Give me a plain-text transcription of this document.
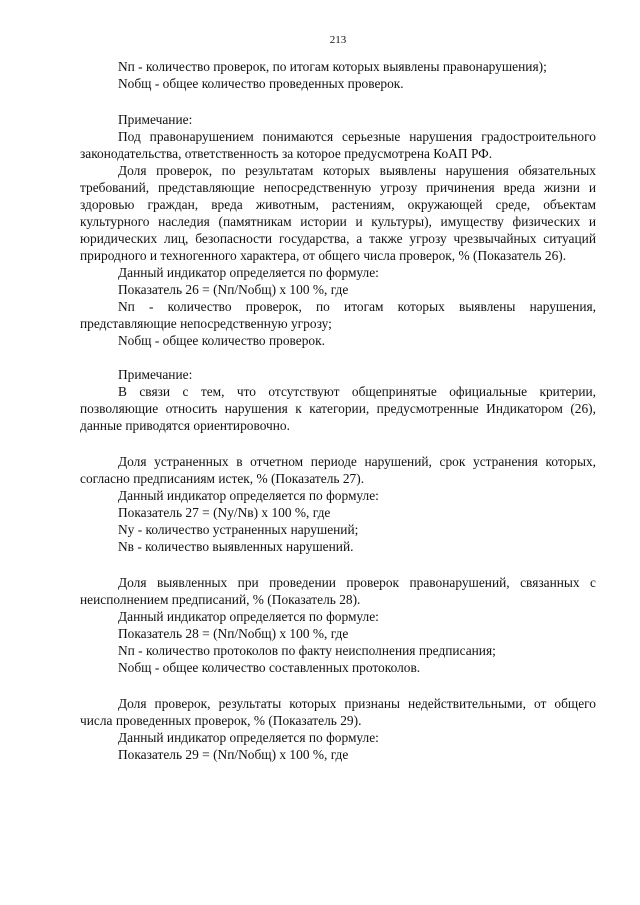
213

Nп - количество проверок, по итогам которых выявлены правонарушения);

Nобщ - общее количество проведенных проверок.

Примечание:

Под правонарушением понимаются серьезные нарушения градостроительного законодательства, ответственность за которое предусмотрена КоАП РФ.

Доля проверок, по результатам которых выявлены нарушения обязательных требований, представляющие непосредственную угрозу причинения вреда жизни и здоровью граждан, вреда животным, растениям, окружающей среде, объектам культурного наследия (памятникам истории и культуры), имуществу физических и юридических лиц, безопасности государства, а также угрозу чрезвычайных ситуаций природного и техногенного характера, от общего числа проверок, % (Показатель 26).

Данный индикатор определяется по формуле:

Показатель 26 = (Nп/Nобщ) х 100 %, где

Nп - количество проверок, по итогам которых выявлены нарушения, представляющие непосредственную угрозу;

Nобщ - общее количество проверок.

Примечание:

В связи с тем, что отсутствуют общепринятые официальные критерии, позволяющие относить нарушения к категории, предусмотренные Индикатором (26), данные приводятся ориентировочно.

Доля устраненных в отчетном периоде нарушений, срок устранения которых, согласно предписаниям истек, % (Показатель 27).

Данный индикатор определяется по формуле:

Показатель 27 = (Nу/Nв) х 100 %, где

Nу - количество устраненных нарушений;

Nв - количество выявленных нарушений.

Доля выявленных при проведении проверок правонарушений, связанных с неисполнением предписаний, % (Показатель 28).

Данный индикатор определяется по формуле:

Показатель 28 = (Nп/Nобщ) х 100 %, где

Nп - количество протоколов по факту неисполнения предписания;

Nобщ - общее количество составленных протоколов.

Доля проверок, результаты которых признаны недействительными, от общего числа проведенных проверок, % (Показатель 29).

Данный индикатор определяется по формуле:

Показатель 29 = (Nп/Nобщ) х 100 %, где
